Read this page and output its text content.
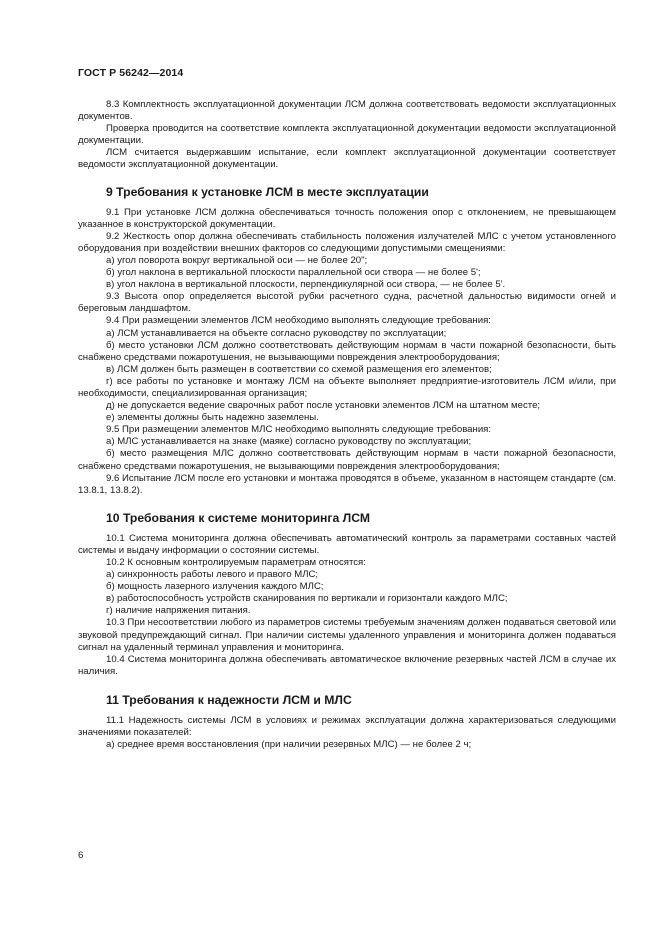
ГОСТ Р 56242—2014

8.3 Комплектность эксплуатационной документации ЛСМ должна соответствовать ведомости эксплуатационных документов.

Проверка проводится на соответствие комплекта эксплуатационной документации ведомости эксплуатационной документации.

ЛСМ считается выдержавшим испытание, если комплект эксплуатационной документации соответствует ведомости эксплуатационной документации.

9 Требования к установке ЛСМ в месте эксплуатации

9.1 При установке ЛСМ должна обеспечиваться точность положения опор с отклонением, не превышающем указанное в конструкторской документации.

9.2 Жесткость опор должна обеспечивать стабильность положения излучателей МЛС с учетом установленного оборудования при воздействии внешних факторов со следующими допустимыми смещениями:

а) угол поворота вокруг вертикальной оси — не более 20";

б) угол наклона в вертикальной плоскости параллельной оси створа — не более 5';

в) угол наклона в вертикальной плоскости, перпендикулярной оси створа, — не более 5'.

9.3 Высота опор определяется высотой рубки расчетного судна, расчетной дальностью видимости огней и береговым ландшафтом.

9.4 При размещении элементов ЛСМ необходимо выполнять следующие требования:

а) ЛСМ устанавливается на объекте согласно руководству по эксплуатации;

б) место установки ЛСМ должно соответствовать действующим нормам в части пожарной безопасности, быть снабжено средствами пожаротушения, не вызывающими повреждения электрооборудования;

в) ЛСМ должен быть размещен в соответствии со схемой размещения его элементов;

г) все работы по установке и монтажу ЛСМ на объекте выполняет предприятие-изготовитель ЛСМ и/или, при необходимости, специализированная организация;

д) не допускается ведение сварочных работ после установки элементов ЛСМ на штатном месте;

е) элементы должны быть надежно заземлены.

9.5 При размещении элементов МЛС необходимо выполнять следующие требования:

а) МЛС устанавливается на знаке (маяке) согласно руководству по эксплуатации;

б) место размещения МЛС должно соответствовать действующим нормам в части пожарной безопасности, снабжено средствами пожаротушения, не вызывающими повреждения электрооборудования;

9.6 Испытание ЛСМ после его установки и монтажа проводятся в объеме, указанном в настоящем стандарте (см. 13.8.1, 13.8.2).

10 Требования к системе мониторинга ЛСМ

10.1 Система мониторинга должна обеспечивать автоматический контроль за параметрами составных частей системы и выдачу информации о состоянии системы.

10.2 К основным контролируемым параметрам относятся:

а) синхронность работы левого и правого МЛС;

б) мощность лазерного излучения каждого МЛС;

в) работоспособность устройств сканирования по вертикали и горизонтали каждого МЛС;

г) наличие напряжения питания.

10.3 При несоответствии любого из параметров системы требуемым значениям должен подаваться световой или звуковой предупреждающий сигнал. При наличии системы удаленного управления и мониторинга должен подаваться сигнал на удаленный терминал управления и мониторинга.

10.4 Система мониторинга должна обеспечивать автоматическое включение резервных частей ЛСМ в случае их наличия.

11 Требования к надежности ЛСМ и МЛС

11.1 Надежность системы ЛСМ в условиях и режимах эксплуатации должна характеризоваться следующими значениями показателей:

а) среднее время восстановления (при наличии резервных МЛС) — не более 2 ч;

6
